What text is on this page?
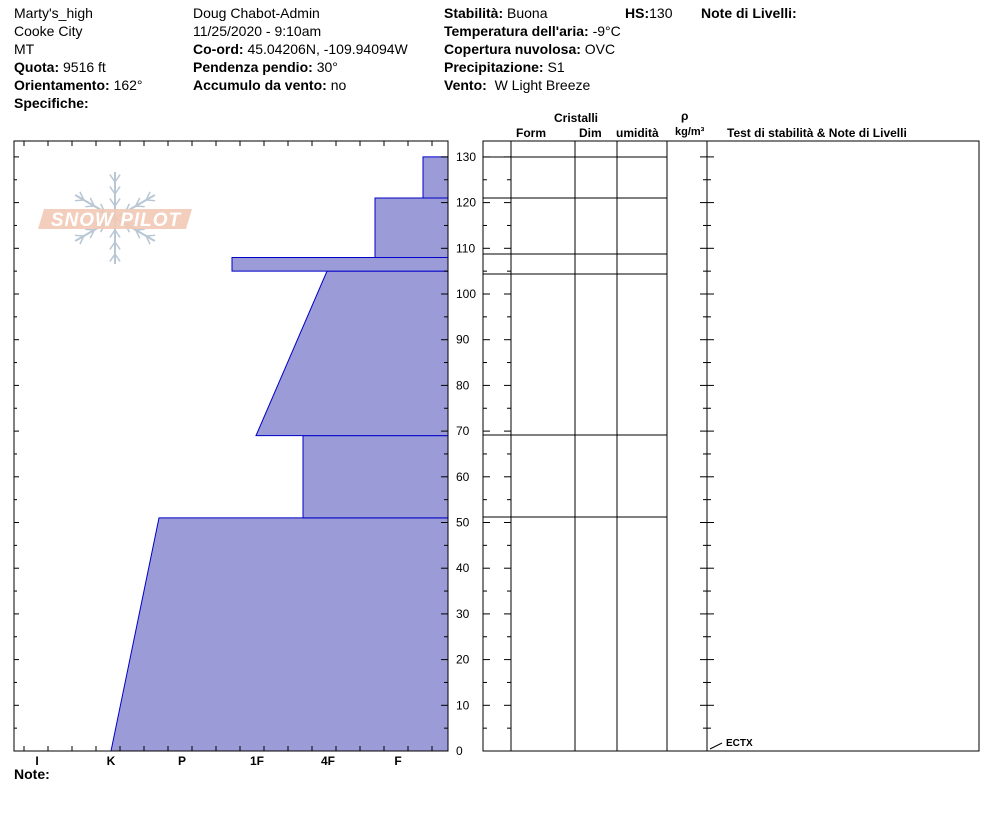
Marty's_high
Cooke City
MT
Quota: 9516 ft
Orientamento: 162°
Specifiche:
Doug Chabot-Admin
11/25/2020 - 9:10am
Co-ord: 45.04206N, -109.94094W
Pendenza pendio: 30°
Accumulo da vento: no
Stabilità: Buona
Temperatura dell'aria: -9°C
Copertura nuvolosa: OVC
Precipitazione: S1
Vento: W Light Breeze
HS:130 Note di Livelli:
SNOW PILOT
0
10
20
30
40
50
60
70
80
90
100
110
120
130
I	K	P	1F	4F	F
ECTX
Cristalli
Form	Dim umidità
ρ
kg/m³ Test di stabilità & Note di Livelli
Note:
